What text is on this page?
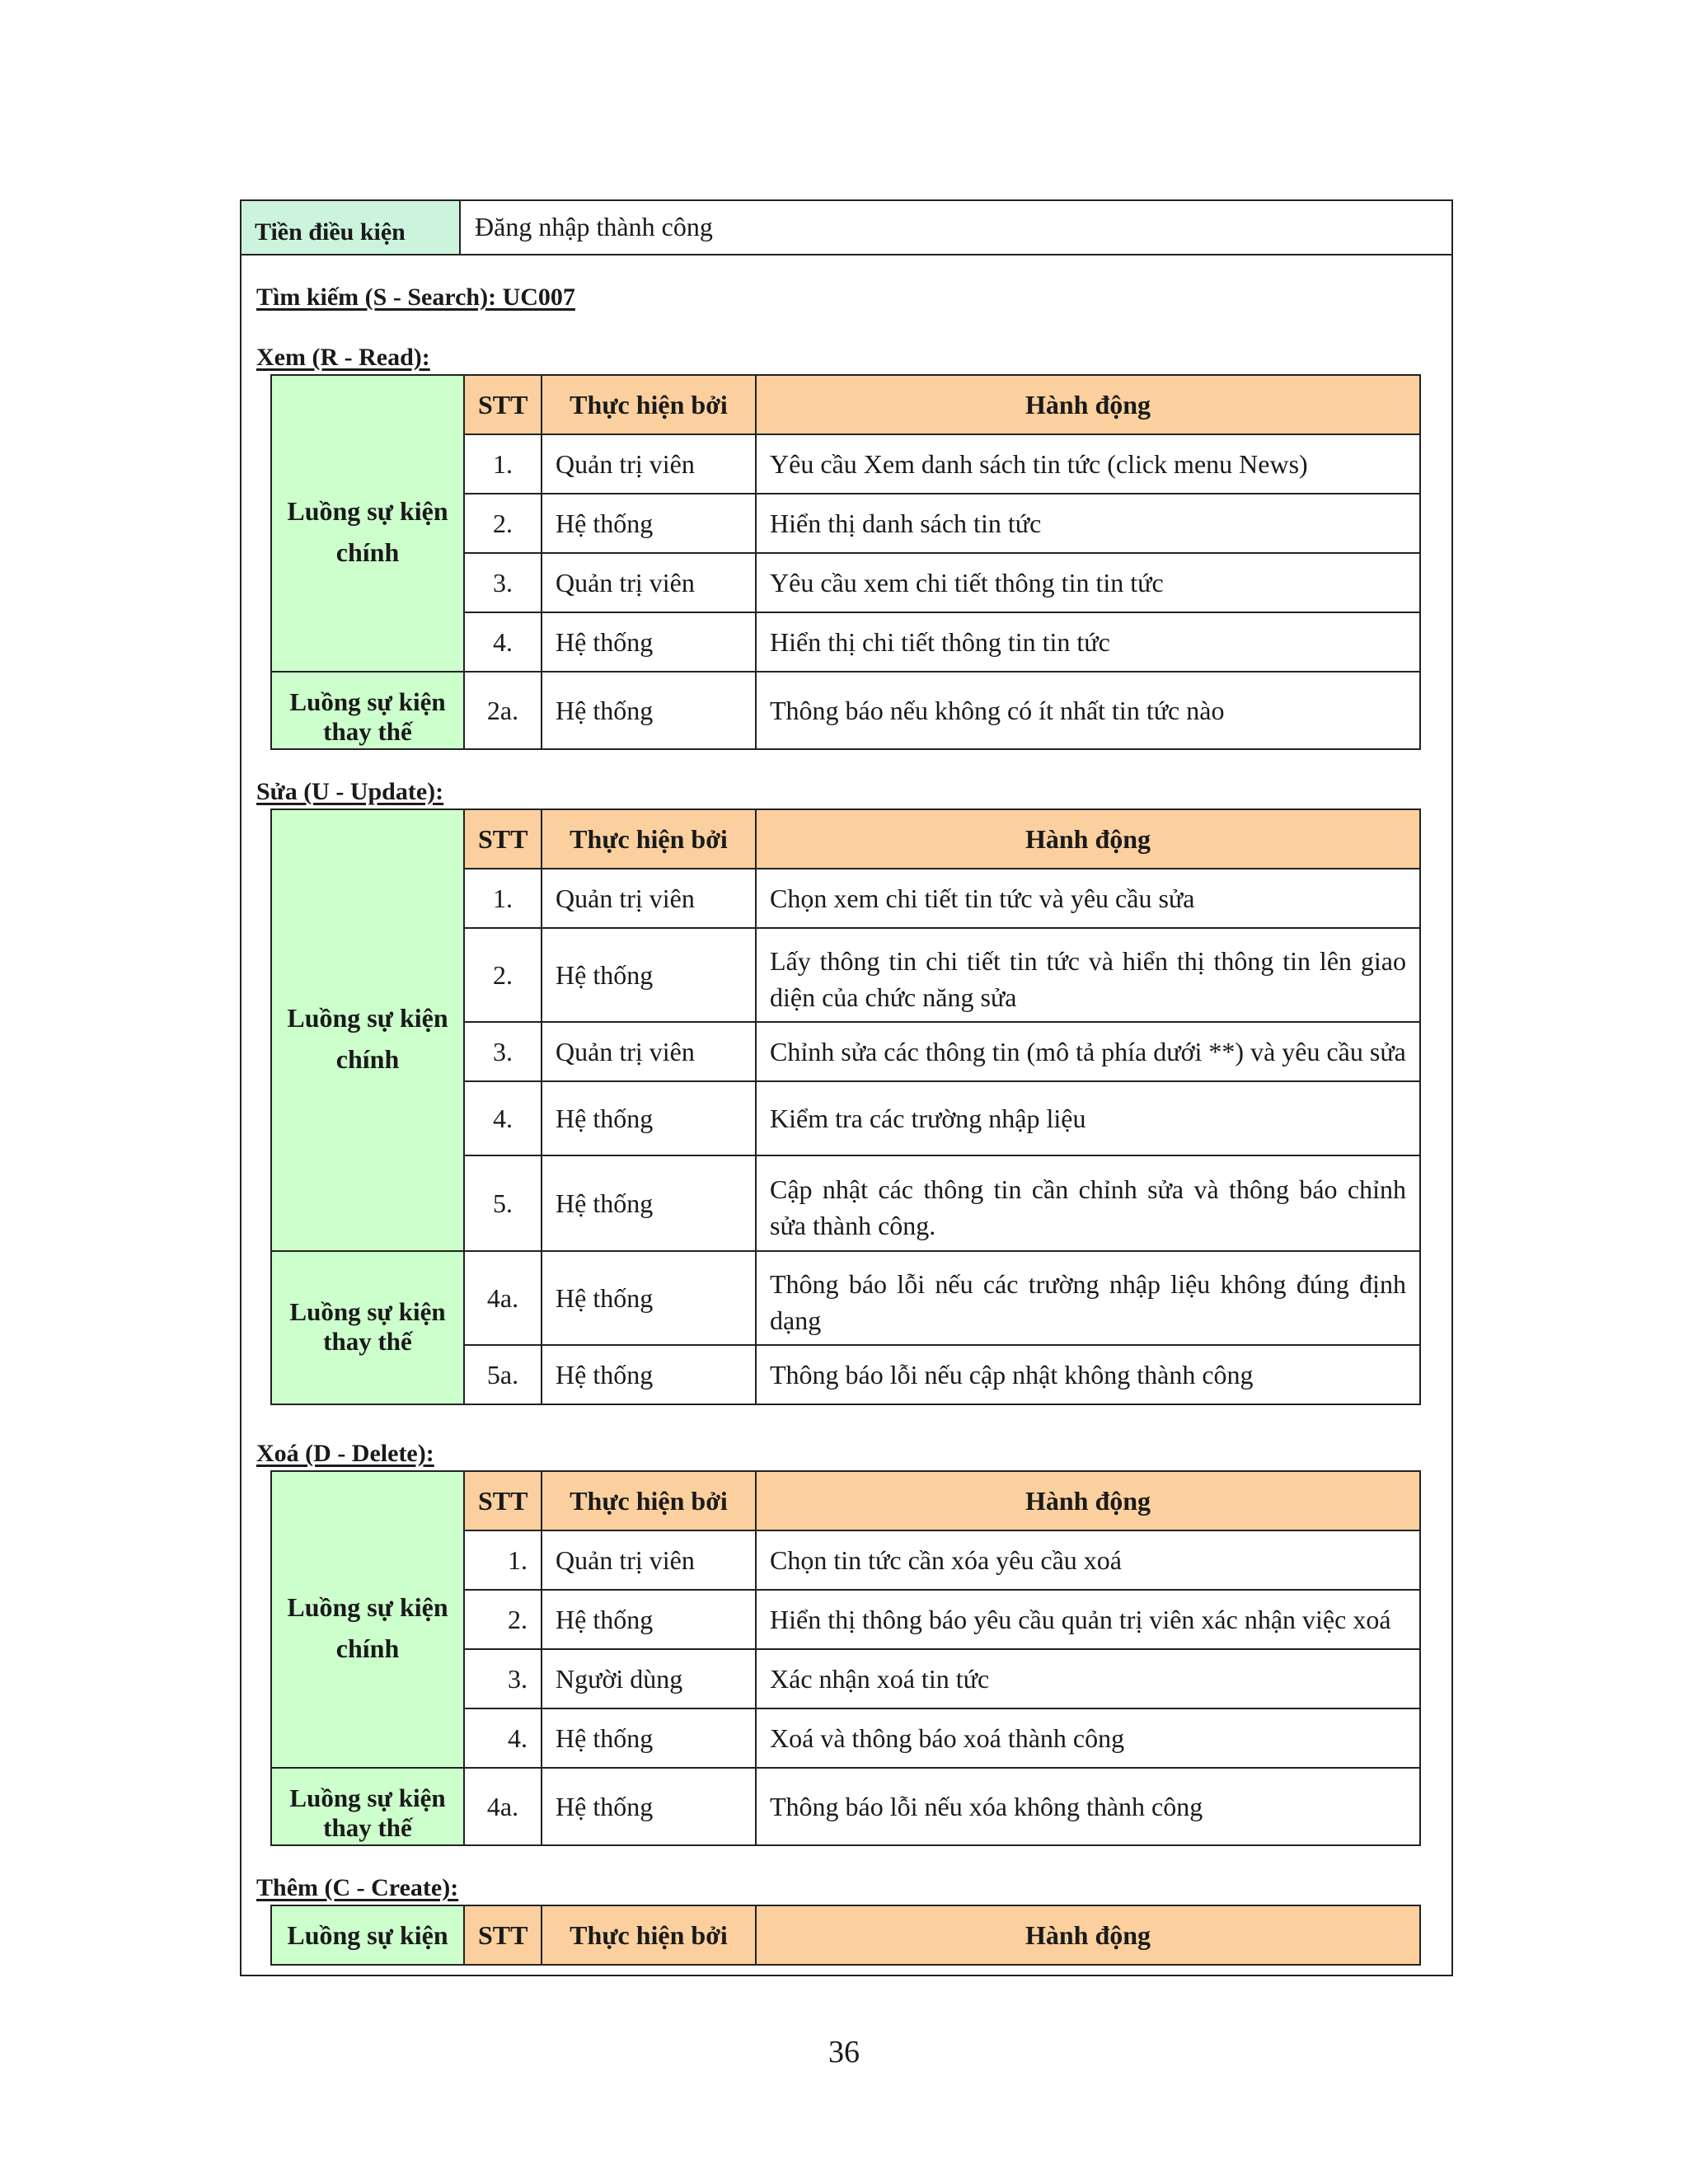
Tiền điều kiện	Đăng nhập thành công
Tìm kiếm (S - Search): UC007
Xem (R - Read):
Luồng sự kiện chính	STT	Thực hiện bởi	Hành động
	1.	Quản trị viên	Yêu cầu Xem danh sách tin tức (click menu News)
	2.	Hệ thống	Hiển thị danh sách tin tức
	3.	Quản trị viên	Yêu cầu xem chi tiết thông tin tin tức
	4.	Hệ thống	Hiển thị chi tiết thông tin tin tức
Luồng sự kiện thay thế	2a.	Hệ thống	Thông báo nếu không có ít nhất tin tức nào
Sửa (U - Update):
Luồng sự kiện chính	STT	Thực hiện bởi	Hành động
	1.	Quản trị viên	Chọn xem chi tiết tin tức và yêu cầu sửa
	2.	Hệ thống	Lấy thông tin chi tiết tin tức và hiển thị thông tin lên giao diện của chức năng sửa
	3.	Quản trị viên	Chỉnh sửa các thông tin (mô tả phía dưới **) và yêu cầu sửa
	4.	Hệ thống	Kiểm tra các trường nhập liệu
	5.	Hệ thống	Cập nhật các thông tin cần chỉnh sửa và thông báo chỉnh sửa thành công.
Luồng sự kiện thay thế	4a.	Hệ thống	Thông báo lỗi nếu các trường nhập liệu không đúng định dạng
	5a.	Hệ thống	Thông báo lỗi nếu cập nhật không thành công
Xoá (D - Delete):
Luồng sự kiện chính	STT	Thực hiện bởi	Hành động
	1.	Quản trị viên	Chọn tin tức cần xóa yêu cầu xoá
	2.	Hệ thống	Hiển thị thông báo yêu cầu quản trị viên xác nhận việc xoá
	3.	Người dùng	Xác nhận xoá tin tức
	4.	Hệ thống	Xoá và thông báo xoá thành công
Luồng sự kiện thay thế	4a.	Hệ thống	Thông báo lỗi nếu xóa không thành công
Thêm (C - Create):
Luồng sự kiện	STT	Thực hiện bởi	Hành động
36
